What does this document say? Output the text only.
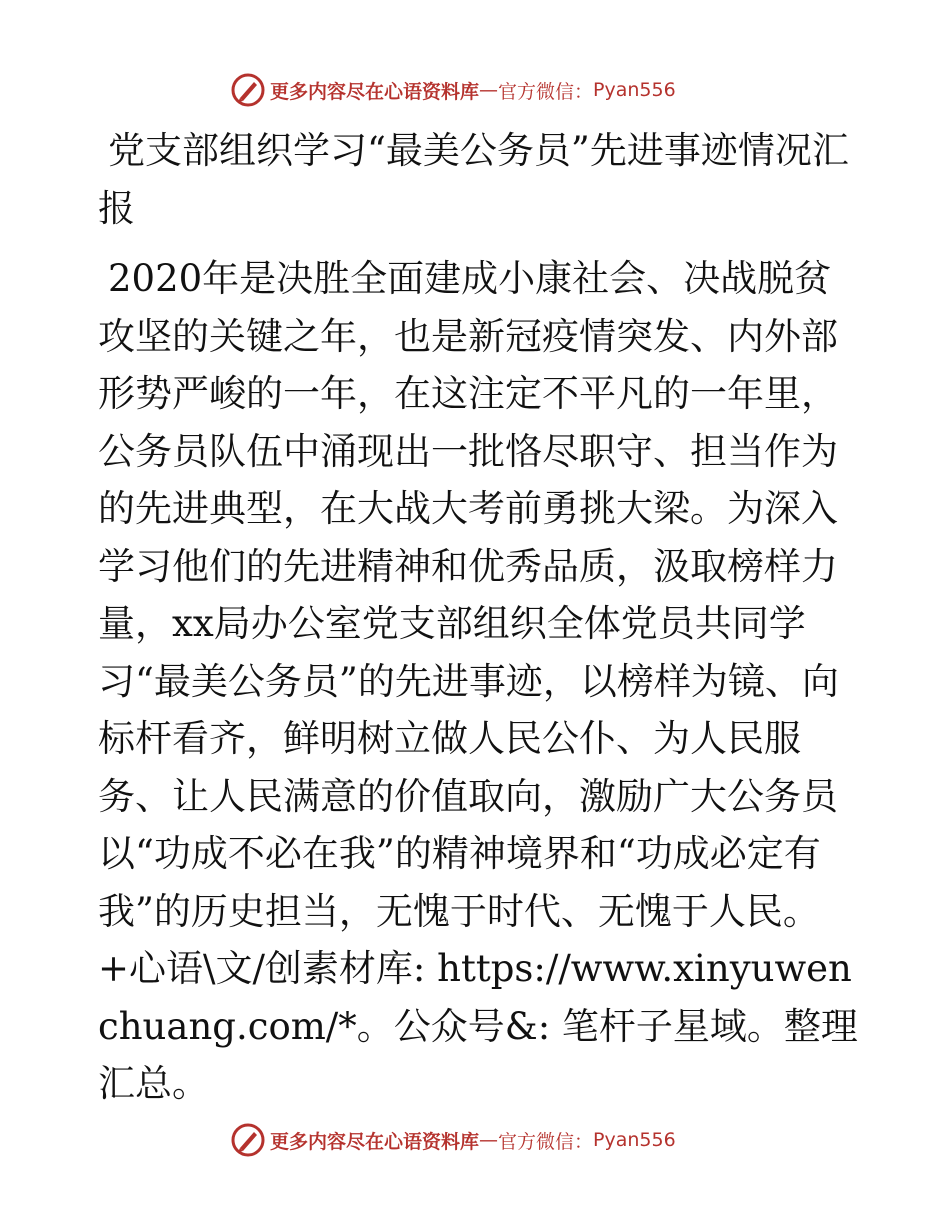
更多内容尽在心语资料库 — 官方微信： Pyan556
党支部组织学习“最美公务员”先进事迹情况汇报

2020年是决胜全面建成小康社会、决战脱贫攻坚的关键之年，也是新冠疫情突发、内外部形势严峻的一年，在这注定不平凡的一年里，公务员队伍中涌现出一批恪尽职守、担当作为的先进典型，在大战大考前勇挑大梁。为深入学习他们的先进精神和优秀品质，汲取榜样力量，xx局办公室党支部组织全体党员共同学习“最美公务员”的先进事迹，以榜样为镜、向标杆看齐，鲜明树立做人民公仆、为人民服务、让人民满意的价值取向，激励广大公务员以“功成不必在我”的精神境界和“功成必定有我”的历史担当，无愧于时代、无愧于人民。+心语\文/创素材库: https://www.xinyuwenchuang.com/*。公众号&: 笔杆子星域。整理汇总。

更多内容尽在心语资料库 — 官方微信： Pyan556
